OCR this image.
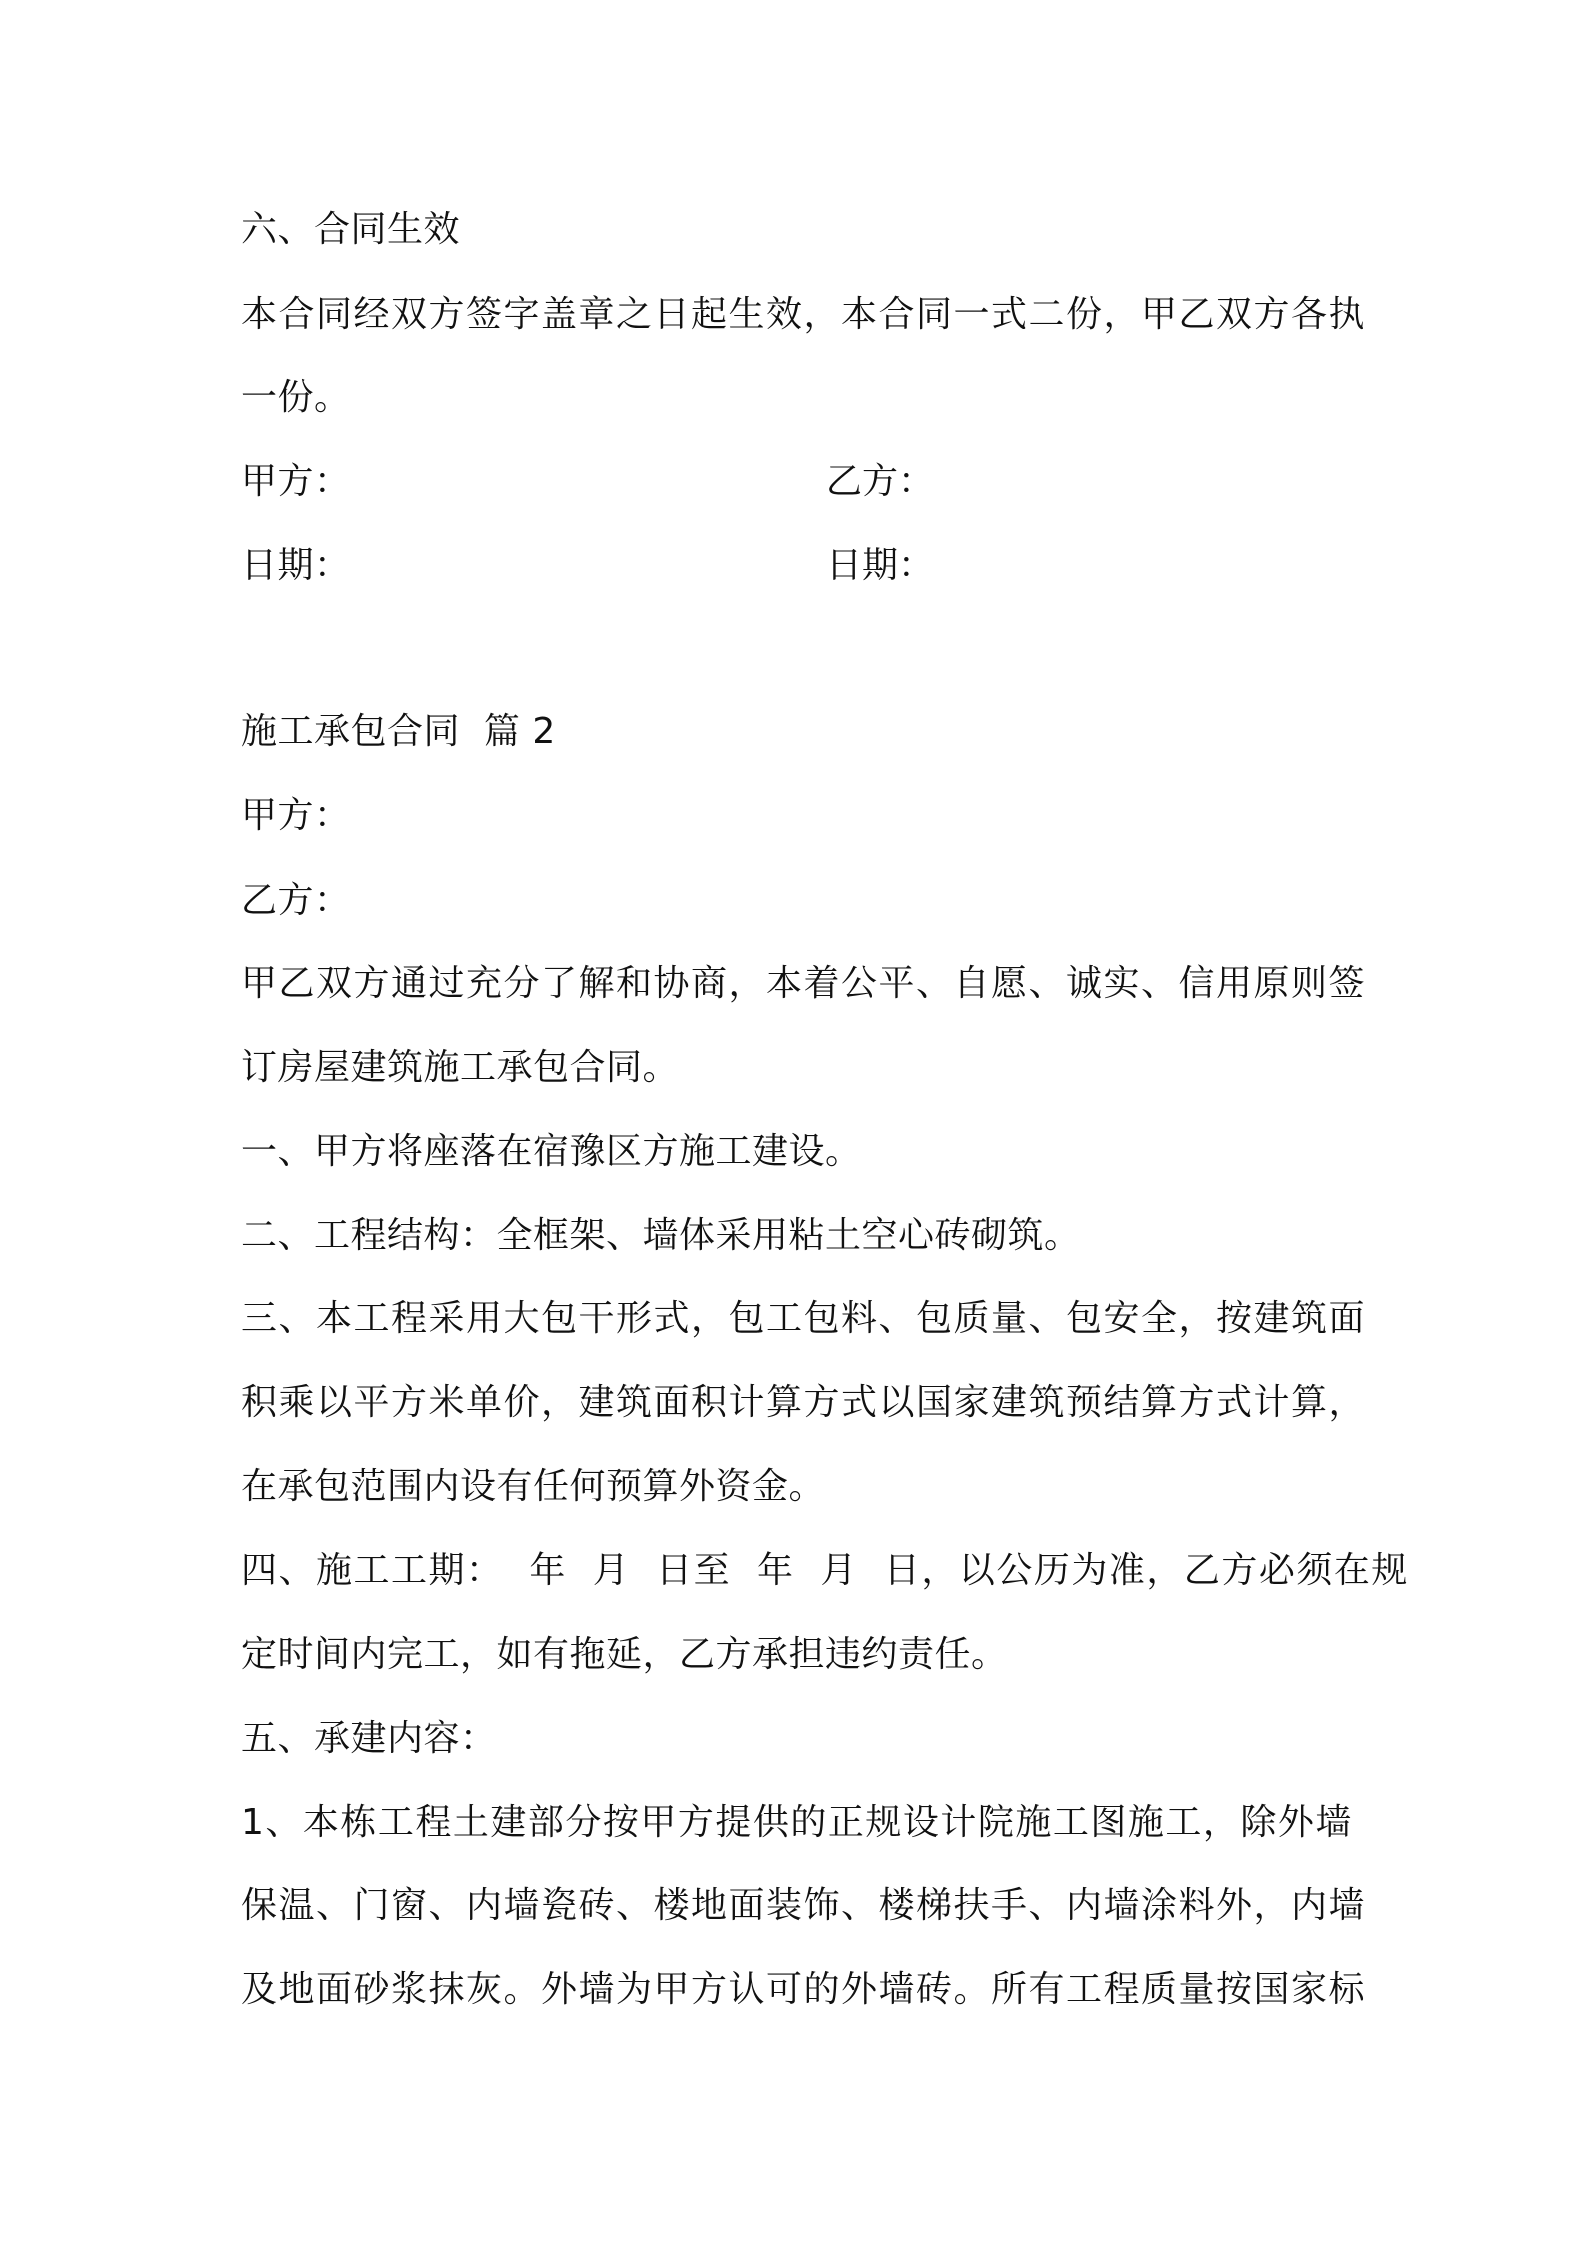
六、合同生效
本合同经双方签字盖章之日起生效，本合同一式二份，甲乙双方各执
一份。
甲方：	乙方：
日期：	日期：
施工承包合同  篇 2
甲方：
乙方：
甲乙双方通过充分了解和协商，本着公平、自愿、诚实、信用原则签
订房屋建筑施工承包合同。
一、甲方将座落在宿豫区方施工建设。
二、工程结构：全框架、墙体采用粘土空心砖砌筑。
三、本工程采用大包干形式，包工包料、包质量、包安全，按建筑面
积乘以平方米单价，建筑面积计算方式以国家建筑预结算方式计算，
在承包范围内设有任何预算外资金。
四、施工工期：  年  月  日至  年  月  日，以公历为准，乙方必须在规
定时间内完工，如有拖延，乙方承担违约责任。
五、承建内容：
1、本栋工程土建部分按甲方提供的正规设计院施工图施工，除外墙
保温、门窗、内墙瓷砖、楼地面装饰、楼梯扶手、内墙涂料外，内墙
及地面砂浆抹灰。外墙为甲方认可的外墙砖。所有工程质量按国家标
